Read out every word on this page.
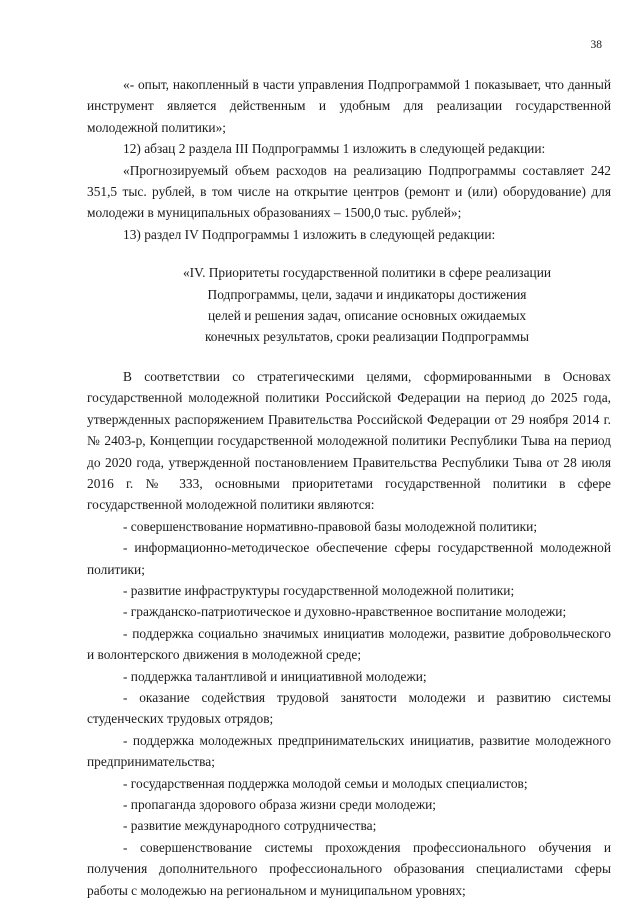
38

«- опыт, накопленный в части управления Подпрограммой 1 показывает, что данный инструмент является действенным и удобным для реализации государственной молодежной политики»;

12) абзац 2 раздела III Подпрограммы 1 изложить в следующей редакции:

«Прогнозируемый объем расходов на реализацию Подпрограммы составляет 242 351,5 тыс. рублей, в том числе на открытие центров (ремонт и (или) оборудование) для молодежи в муниципальных образованиях – 1500,0 тыс. рублей»;

13) раздел IV Подпрограммы 1 изложить в следующей редакции:

«IV. Приоритеты государственной политики в сфере реализации
Подпрограммы, цели, задачи и индикаторы достижения
целей и решения задач, описание основных ожидаемых
конечных результатов, сроки реализации Подпрограммы

В соответствии со стратегическими целями, сформированными в Основах государственной молодежной политики Российской Федерации на период до 2025 года, утвержденных распоряжением Правительства Российской Федерации от 29 ноября 2014 г. № 2403-р, Концепции государственной молодежной политики Республики Тыва на период до 2020 года, утвержденной постановлением Правительства Республики Тыва от 28 июля 2016 г. № 333, основными приоритетами государственной политики в сфере государственной молодежной политики являются:

- совершенствование нормативно-правовой базы молодежной политики;

- информационно-методическое обеспечение сферы государственной молодежной политики;

- развитие инфраструктуры государственной молодежной политики;

- гражданско-патриотическое и духовно-нравственное воспитание молодежи;

- поддержка социально значимых инициатив молодежи, развитие добровольческого и волонтерского движения в молодежной среде;

- поддержка талантливой и инициативной молодежи;

- оказание содействия трудовой занятости молодежи и развитию системы студенческих трудовых отрядов;

- поддержка молодежных предпринимательских инициатив, развитие молодежного предпринимательства;

- государственная поддержка молодой семьи и молодых специалистов;

- пропаганда здорового образа жизни среди молодежи;

- развитие международного сотрудничества;

- совершенствование системы прохождения профессионального обучения и получения дополнительного профессионального образования специалистами сферы работы с молодежью на региональном и муниципальном уровнях;
